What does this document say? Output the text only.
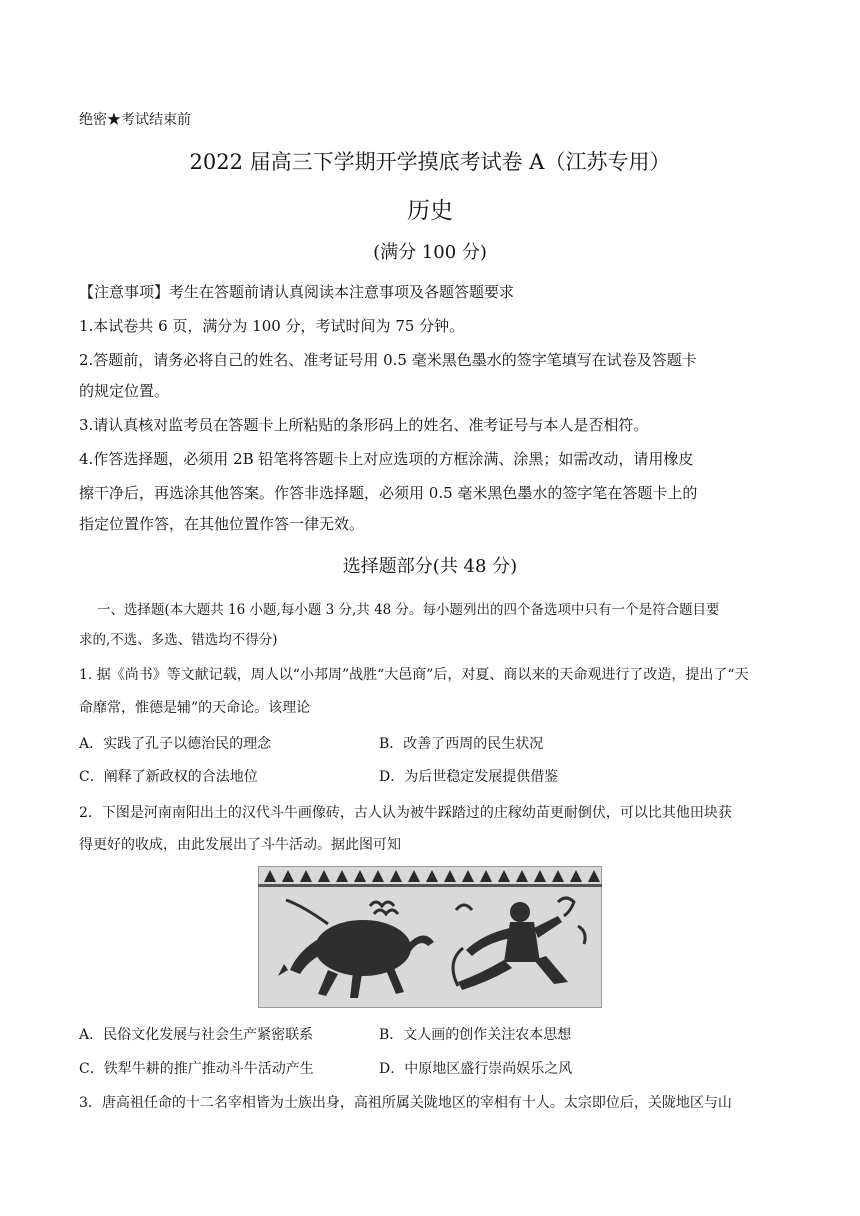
绝密★考试结束前
2022 届高三下学期开学摸底考试卷 A（江苏专用）
历史
(满分 100 分)
【注意事项】考生在答题前请认真阅读本注意事项及各题答题要求
1.本试卷共 6 页，满分为 100 分，考试时间为 75 分钟。
2.答题前，请务必将自己的姓名、准考证号用 0.5 毫米黑色墨水的签字笔填写在试卷及答题卡
的规定位置。
3.请认真核对监考员在答题卡上所粘贴的条形码上的姓名、准考证号与本人是否相符。
4.作答选择题，必须用 2B 铅笔将答题卡上对应选项的方框涂满、涂黑；如需改动，请用橡皮
擦干净后，再选涂其他答案。作答非选择题，必须用 0.5 毫米黑色墨水的签字笔在答题卡上的
指定位置作答，在其他位置作答一律无效。
选择题部分(共 48 分)
一、选择题(本大题共 16 小题,每小题 3 分,共 48 分。每小题列出的四个备选项中只有一个是符合题目要
求的,不选、多选、错选均不得分)
1. 据《尚书》等文献记载，周人以“小邦周”战胜“大邑商”后，对夏、商以来的天命观进行了改造，提出了“天
命靡常，惟德是辅”的天命论。该理论
A．实践了孔子以德治民的理念	B．改善了西周的民生状况
C．阐释了新政权的合法地位	D．为后世稳定发展提供借鉴
2．下图是河南南阳出土的汉代斗牛画像砖，古人认为被牛踩踏过的庄稼幼苗更耐倒伏，可以比其他田块获
得更好的收成，由此发展出了斗牛活动。据此图可知
A．民俗文化发展与社会生产紧密联系	B．文人画的创作关注农本思想
C．铁犁牛耕的推广推动斗牛活动产生	D．中原地区盛行崇尚娱乐之风
3．唐高祖任命的十二名宰相皆为士族出身，高祖所属关陇地区的宰相有十人。太宗即位后，关陇地区与山
